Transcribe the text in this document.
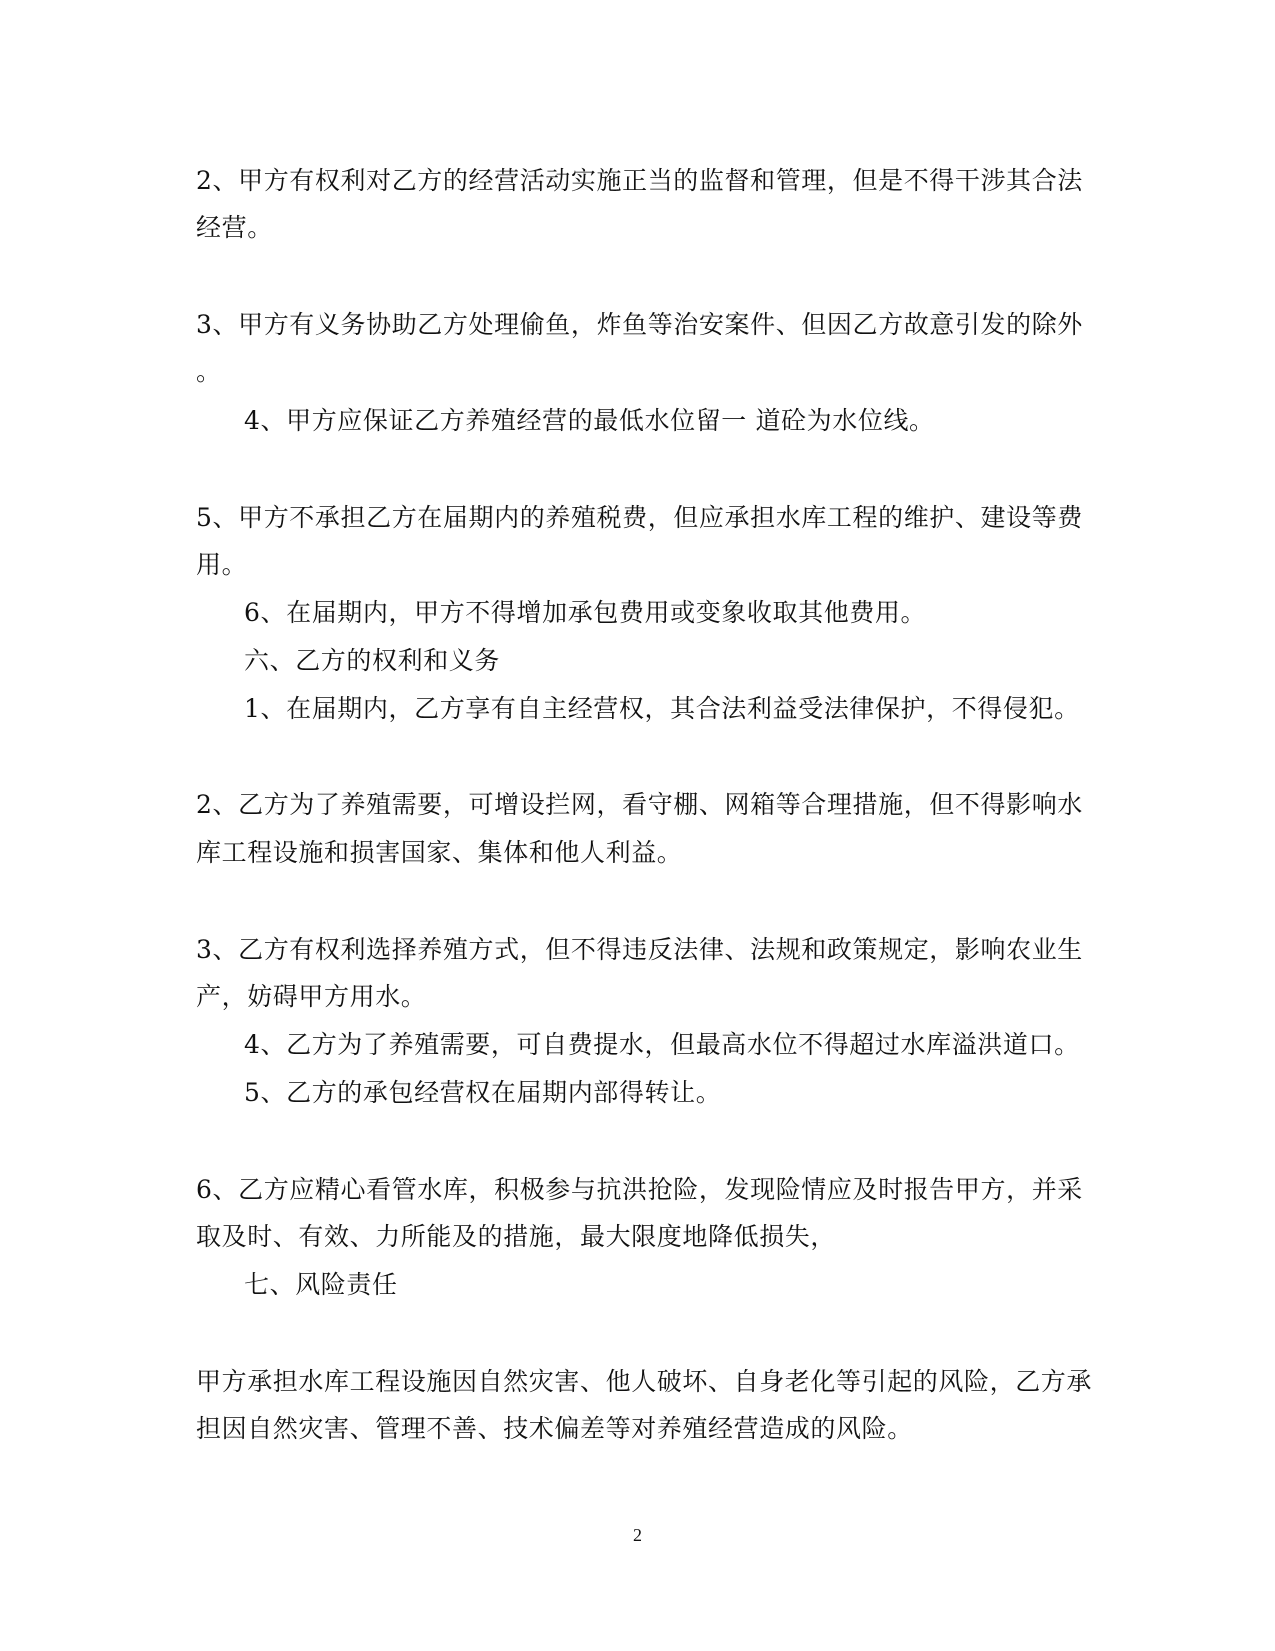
2、甲方有权利对乙方的经营活动实施正当的监督和管理，但是不得干涉其合法
经营。
3、甲方有义务协助乙方处理偷鱼，炸鱼等治安案件、但因乙方故意引发的除外
。
4、甲方应保证乙方养殖经营的最低水位留一 道砼为水位线。
5、甲方不承担乙方在届期内的养殖税费，但应承担水库工程的维护、建设等费
用。
6、在届期内，甲方不得增加承包费用或变象收取其他费用。
六、乙方的权利和义务
1、在届期内，乙方享有自主经营权，其合法利益受法律保护，不得侵犯。
2、乙方为了养殖需要，可增设拦网，看守棚、网箱等合理措施，但不得影响水
库工程设施和损害国家、集体和他人利益。
3、乙方有权利选择养殖方式，但不得违反法律、法规和政策规定，影响农业生
产，妨碍甲方用水。
4、乙方为了养殖需要，可自费提水，但最高水位不得超过水库溢洪道口。
5、乙方的承包经营权在届期内部得转让。
6、乙方应精心看管水库，积极参与抗洪抢险，发现险情应及时报告甲方，并采
取及时、有效、力所能及的措施，最大限度地降低损失，
七、风险责任
甲方承担水库工程设施因自然灾害、他人破坏、自身老化等引起的风险，乙方承
担因自然灾害、管理不善、技术偏差等对养殖经营造成的风险。
2
